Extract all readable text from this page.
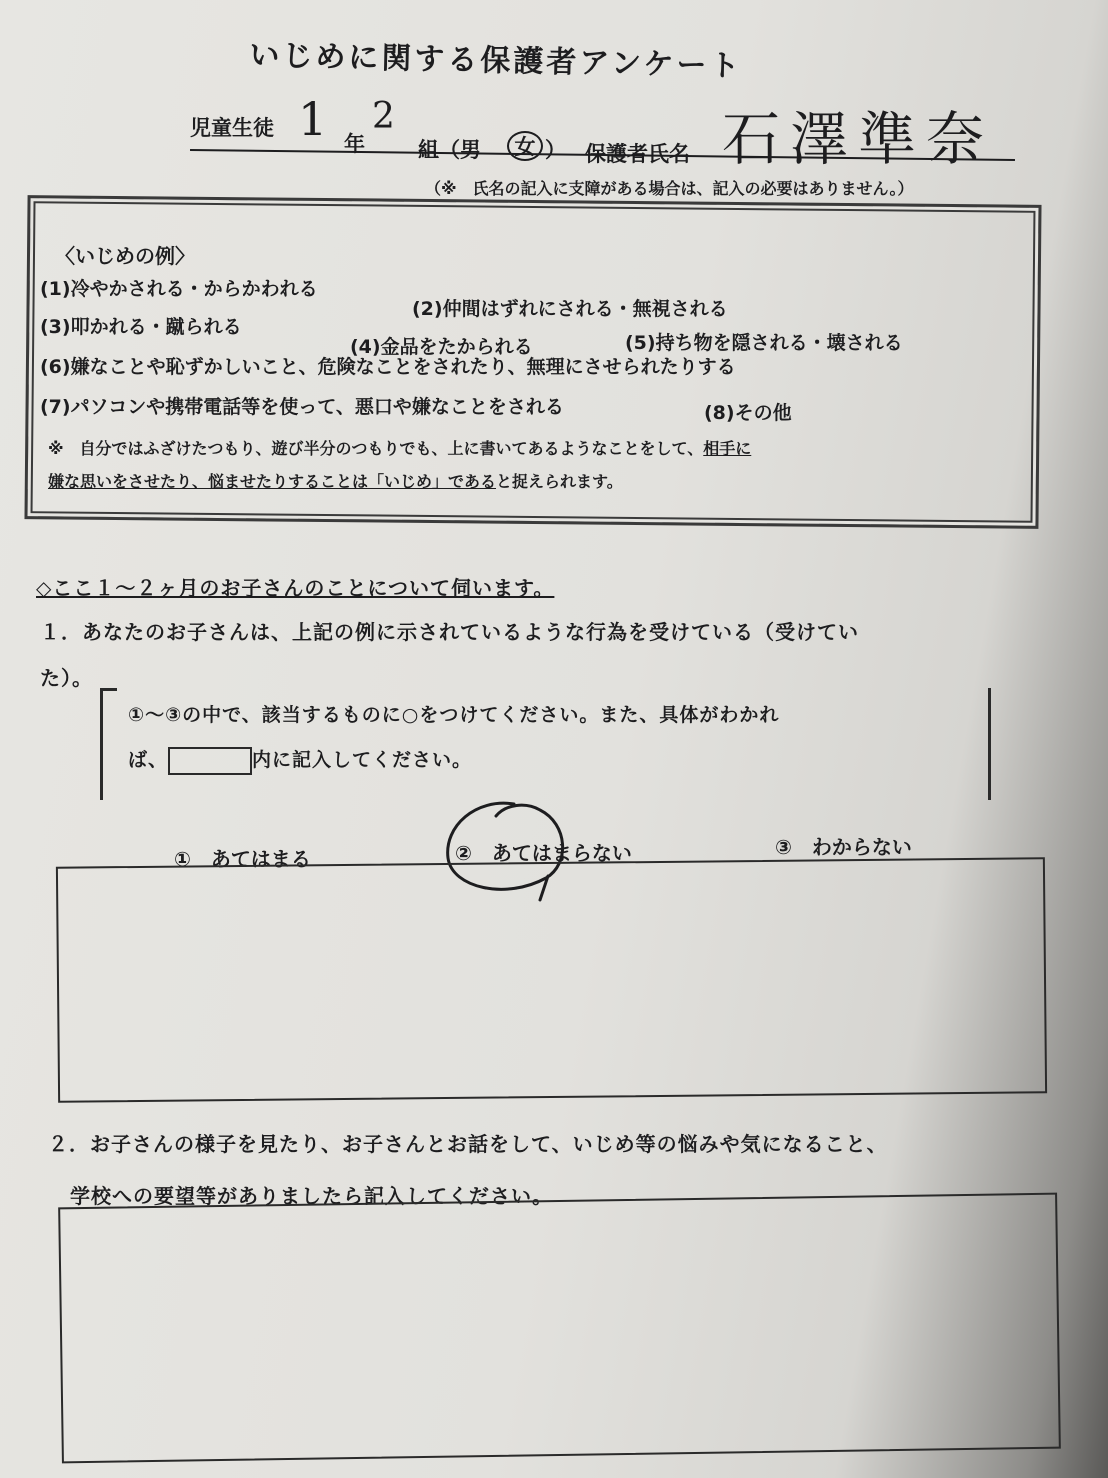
いじめに関する保護者アンケート
児童生徒 1 年
2
組（男	女 ） 保護者氏名 石澤準奈
（※　氏名の記入に支障がある場合は、記入の必要はありません。）
〈いじめの例〉
(1)冷やかされる・からかわれる
(2)仲間はずれにされる・無視される
(3)叩かれる・蹴られる
(4)金品をたかられる	(5)持ち物を隠される・壊される
(6)嫌なことや恥ずかしいこと、危険なことをされたり、無理にさせられたりする
(7)パソコンや携帯電話等を使って、悪口や嫌なことをされる	(8)その他
※　自分ではふざけたつもり、遊び半分のつもりでも、上に書いてあるようなことをして、相手に
嫌な思いをさせたり、悩ませたりすることは「いじめ」であると捉えられます。
◇ここ１～２ヶ月のお子さんのことについて伺います。
１．あなたのお子さんは、上記の例に示されているような行為を受けている（受けてい
た）。
①～③の中で、該当するものに○をつけてください。また、具体がわかれ
ば、	内に記入してください。
①　あてはまる	②　あてはまらない	③　わからない
２．お子さんの様子を見たり、お子さんとお話をして、いじめ等の悩みや気になること、
学校への要望等がありましたら記入してください。
